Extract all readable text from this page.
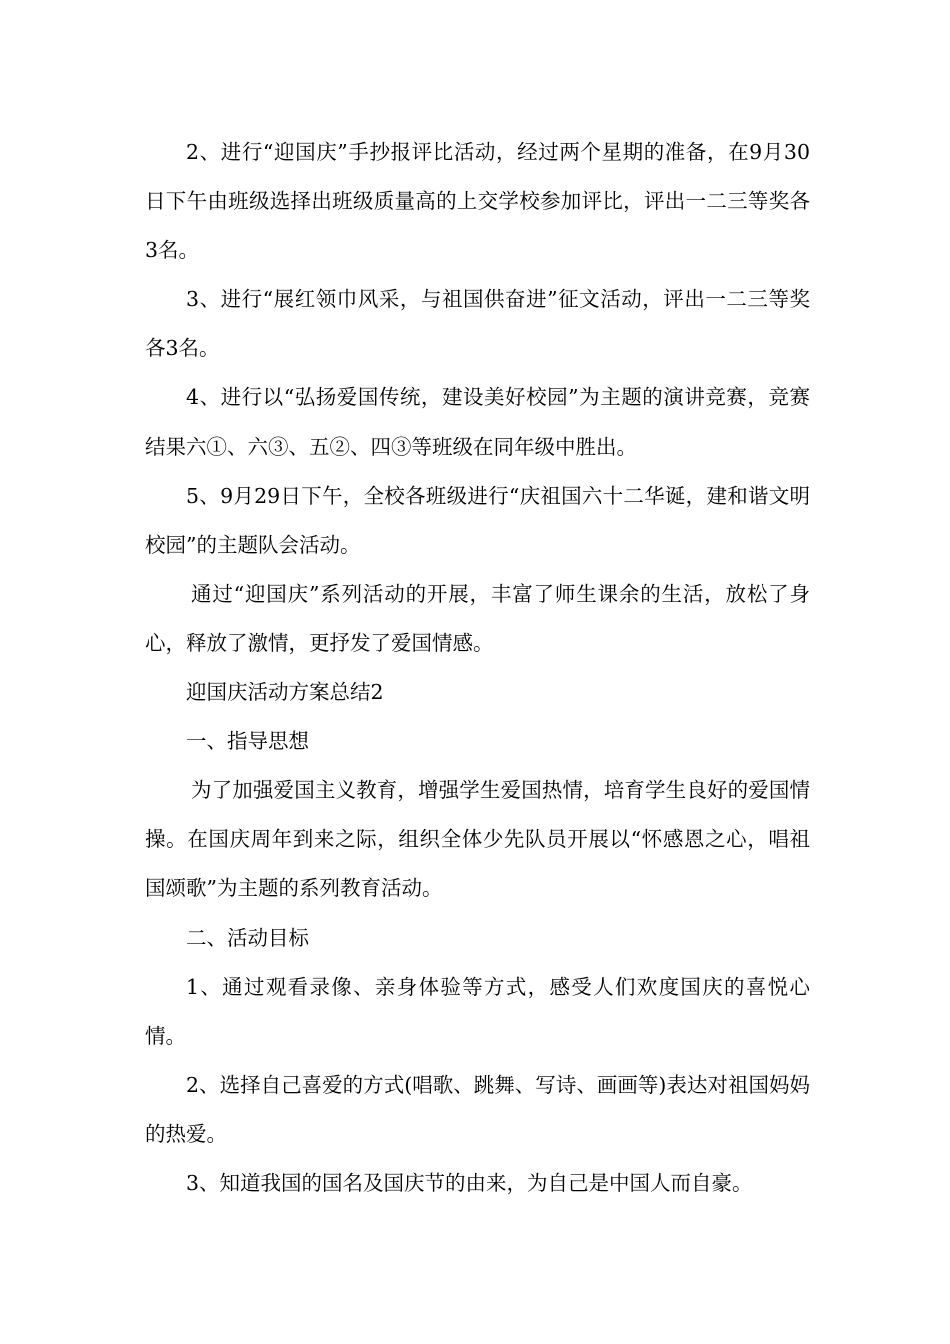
2、进行“迎国庆”手抄报评比活动，经过两个星期的准备，在9月30日下午由班级选择出班级质量高的上交学校参加评比，评出一二三等奖各3名。

3、进行“展红领巾风采，与祖国供奋进”征文活动，评出一二三等奖各3名。

4、进行以“弘扬爱国传统，建设美好校园”为主题的演讲竞赛，竞赛结果六①、六③、五②、四③等班级在同年级中胜出。

5、9月29日下午，全校各班级进行“庆祖国六十二华诞，建和谐文明校园”的主题队会活动。

通过“迎国庆”系列活动的开展，丰富了师生课余的生活，放松了身心，释放了激情，更抒发了爱国情感。

迎国庆活动方案总结2

一、指导思想

为了加强爱国主义教育，增强学生爱国热情，培育学生良好的爱国情操。在国庆周年到来之际，组织全体少先队员开展以“怀感恩之心，唱祖国颂歌”为主题的系列教育活动。

二、活动目标

1、通过观看录像、亲身体验等方式，感受人们欢度国庆的喜悦心情。

2、选择自己喜爱的方式(唱歌、跳舞、写诗、画画等)表达对祖国妈妈的热爱。

3、知道我国的国名及国庆节的由来，为自己是中国人而自豪。
